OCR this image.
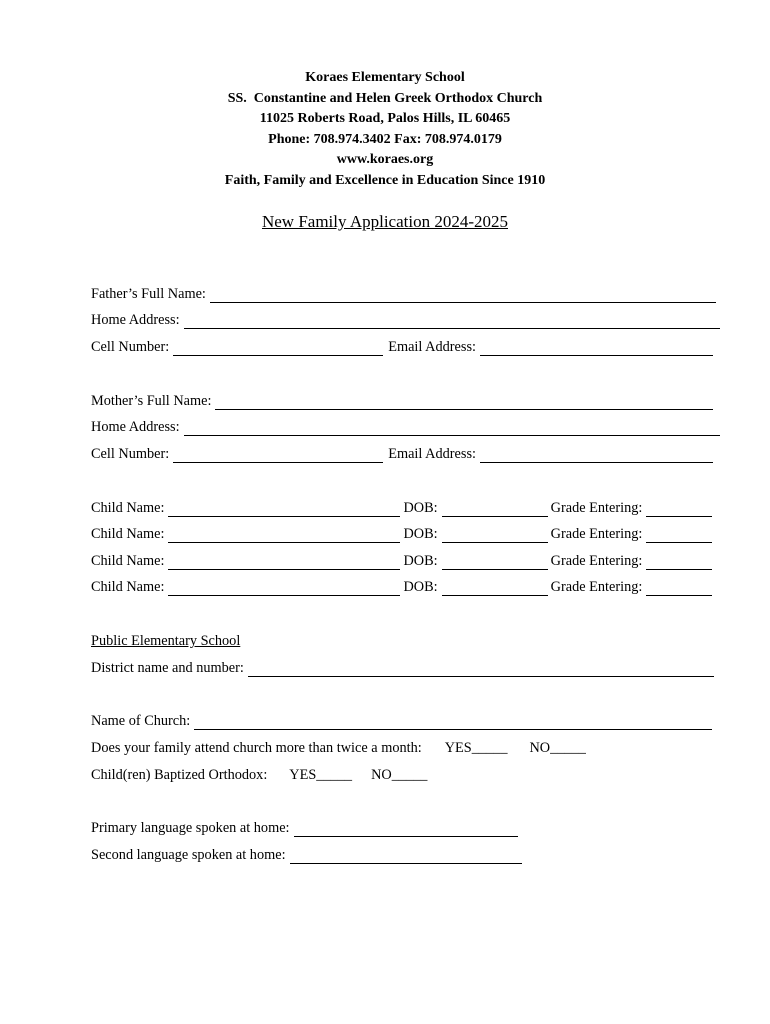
Koraes Elementary School
SS.  Constantine and Helen Greek Orthodox Church
11025 Roberts Road, Palos Hills, IL 60465
Phone: 708.974.3402 Fax: 708.974.0179
www.koraes.org
Faith, Family and Excellence in Education Since 1910
New Family Application 2024-2025
Father’s Full Name:
Home Address:
Cell Number:	Email Address:
Mother’s Full Name:
Home Address:
Cell Number:	Email Address:
Child Name:	DOB:	Grade Entering:
Child Name:	DOB:	Grade Entering:
Child Name:	DOB:	Grade Entering:
Child Name:	DOB:	Grade Entering:
Public Elementary School
District name and number:
Name of Church:
Does your family attend church more than twice a month: YES_____ NO_____
Child(ren) Baptized Orthodox: YES_____ NO_____
Primary language spoken at home:
Second language spoken at home:
